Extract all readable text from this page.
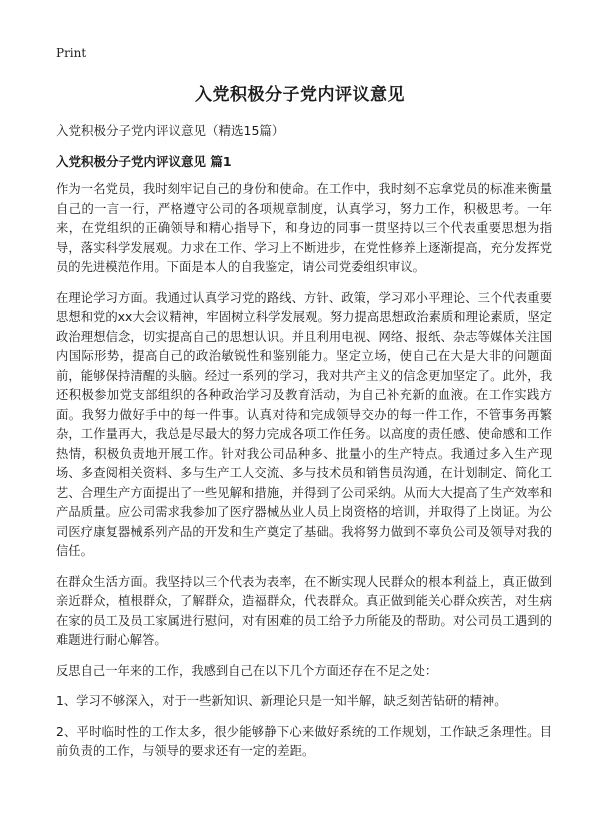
Print
入党积极分子党内评议意见
入党积极分子党内评议意见（精选15篇）
入党积极分子党内评议意见 篇1

作为一名党员，我时刻牢记自己的身份和使命。在工作中，我时刻不忘拿党员的标准来衡量自己的一言一行，严格遵守公司的各项规章制度，认真学习，努力工作，积极思考。一年来，在党组织的正确领导和精心指导下，和身边的同事一贯坚持以三个代表重要思想为指导，落实科学发展观。力求在工作、学习上不断进步，在党性修养上逐渐提高，充分发挥党员的先进模范作用。下面是本人的自我鉴定，请公司党委组织审议。

在理论学习方面。我通过认真学习党的路线、方针、政策，学习邓小平理论、三个代表重要思想和党的xx大会议精神，牢固树立科学发展观。努力提高思想政治素质和理论素质，坚定政治理想信念，切实提高自己的思想认识。并且利用电视、网络、报纸、杂志等媒体关注国内国际形势，提高自己的政治敏锐性和鉴别能力。坚定立场，使自己在大是大非的问题面前，能够保持清醒的头脑。经过一系列的学习，我对共产主义的信念更加坚定了。此外，我还积极参加党支部组织的各种政治学习及教育活动，为自己补充新的血液。在工作实践方面。我努力做好手中的每一件事。认真对待和完成领导交办的每一件工作，不管事务再繁杂，工作量再大，我总是尽最大的努力完成各项工作任务。以高度的责任感、使命感和工作热情，积极负责地开展工作。针对我公司品种多、批量小的生产特点。我通过多入生产现场、多查阅相关资料、多与生产工人交流、多与技术员和销售员沟通，在计划制定、简化工艺、合理生产方面提出了一些见解和措施，并得到了公司采纳。从而大大提高了生产效率和产品质量。应公司需求我参加了医疗器械丛业人员上岗资格的培训，并取得了上岗证。为公司医疗康复器械系列产品的开发和生产奠定了基础。我将努力做到不辜负公司及领导对我的信任。

在群众生活方面。我坚持以三个代表为表率，在不断实现人民群众的根本利益上，真正做到亲近群众，植根群众，了解群众，造福群众，代表群众。真正做到能关心群众疾苦，对生病在家的员工及员工家属进行慰问，对有困难的员工给予力所能及的帮助。对公司员工遇到的难题进行耐心解答。

反思自己一年来的工作，我感到自己在以下几个方面还存在不足之处：

1、学习不够深入，对于一些新知识、新理论只是一知半解，缺乏刻苦钻研的精神。

2、平时临时性的工作太多，很少能够静下心来做好系统的工作规划，工作缺乏条理性。目前负责的工作，与领导的要求还有一定的差距。
